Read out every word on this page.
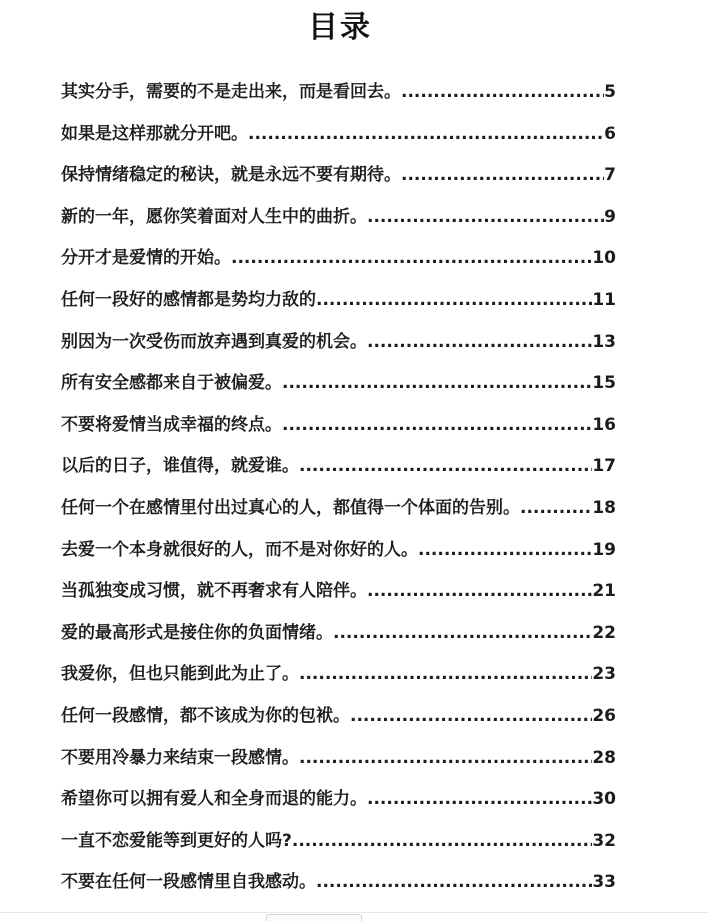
目录
其实分手，需要的不是走出来，而是看回去。 .....	5
如果是这样那就分开吧。 .....	6
保持情绪稳定的秘诀，就是永远不要有期待。 .....	7
新的一年，愿你笑着面对人生中的曲折。 .....	9
分开才是爱情的开始。 .....	10
任何一段好的感情都是势均力敌的 .....	11
别因为一次受伤而放弃遇到真爱的机会。 .....	13
所有安全感都来自于被偏爱。 .....	15
不要将爱情当成幸福的终点。 .....	16
以后的日子，谁值得，就爱谁。 .....	17
任何一个在感情里付出过真心的人，都值得一个体面的告别。 .....	18
去爱一个本身就很好的人，而不是对你好的人。 .....	19
当孤独变成习惯，就不再奢求有人陪伴。 .....	21
爱的最高形式是接住你的负面情绪。 .....	22
我爱你，但也只能到此为止了。 .....	23
任何一段感情，都不该成为你的包袱。 .....	26
不要用冷暴力来结束一段感情。 .....	28
希望你可以拥有爱人和全身而退的能力。 .....	30
一直不恋爱能等到更好的人吗? .....	32
不要在任何一段感情里自我感动。 .....	33
